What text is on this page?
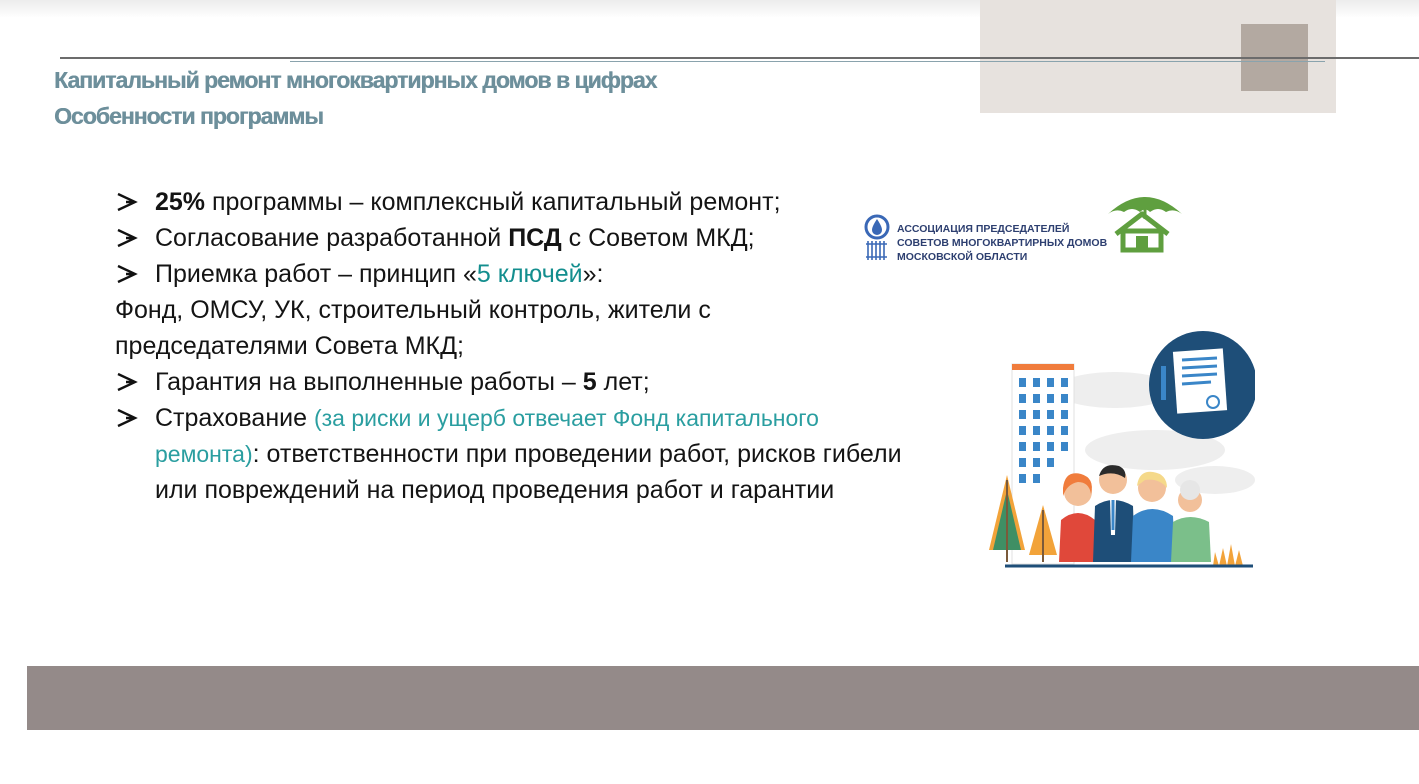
Капитальный ремонт многоквартирных домов в цифрах
Особенности программы
25% программы – комплексный капитальный ремонт;
Согласование разработанной ПСД с Советом МКД;
Приемка работ – принцип «5 ключей»:
Фонд, ОМСУ, УК, строительный контроль, жители с
председателями Совета МКД;
Гарантия на выполненные работы – 5 лет;
Страхование (за риски и ущерб отвечает Фонд капитального ремонта): ответственности при проведении работ, рисков гибели или повреждений на период проведения работ и гарантии
АССОЦИАЦИЯ ПРЕДСЕДАТЕЛЕЙ
СОВЕТОВ МНОГОКВАРТИРНЫХ ДОМОВ
МОСКОВСКОЙ ОБЛАСТИ
